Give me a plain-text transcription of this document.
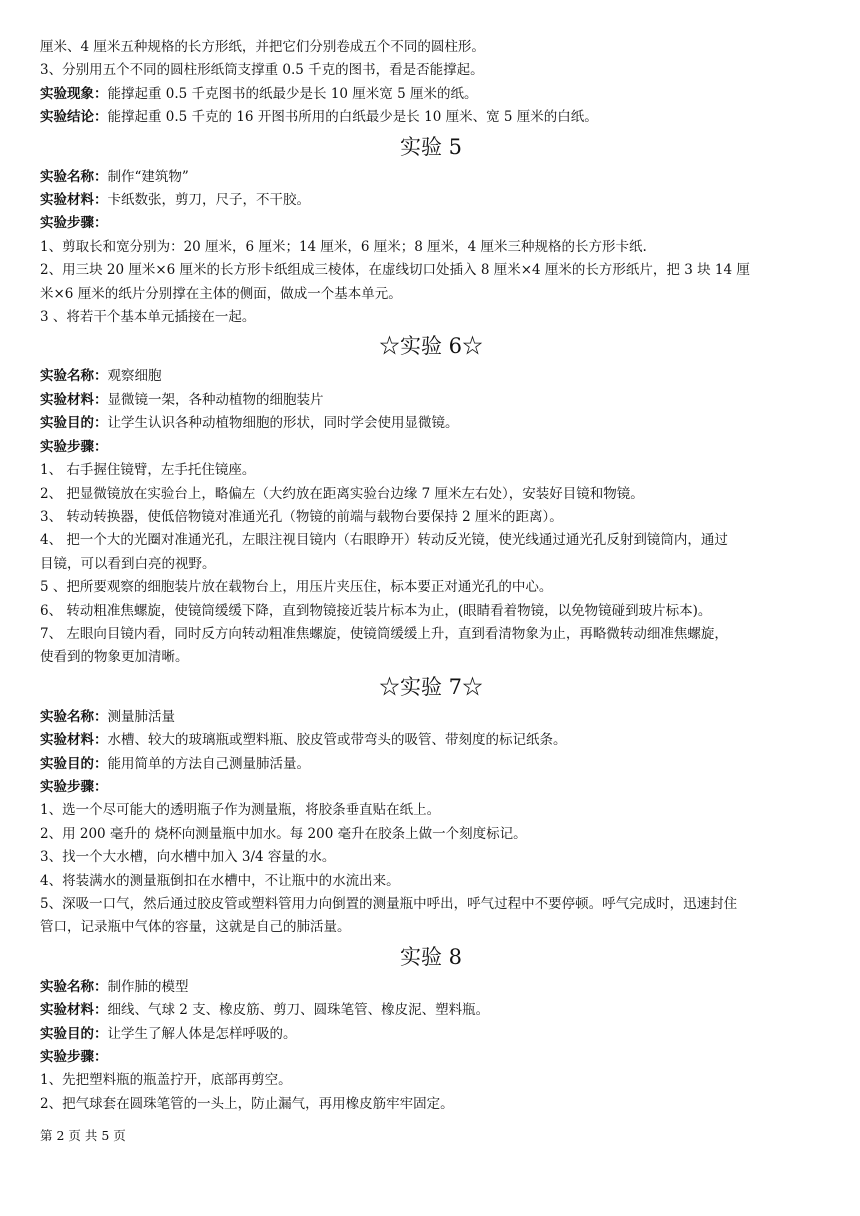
厘米、4 厘米五种规格的长方形纸，并把它们分别卷成五个不同的圆柱形。
3、分别用五个不同的圆柱形纸筒支撑重 0.5 千克的图书，看是否能撑起。
实验现象：能撑起重 0.5 千克图书的纸最少是长 10 厘米宽 5 厘米的纸。
实验结论：能撑起重 0.5 千克的 16 开图书所用的白纸最少是长 10 厘米、宽 5 厘米的白纸。
实验 5
实验名称：制作“建筑物”
实验材料：卡纸数张，剪刀，尺子，不干胶。
实验步骤：
1、剪取长和宽分别为：20 厘米，6 厘米；14 厘米，6 厘米；8 厘米，4 厘米三种规格的长方形卡纸.
2、用三块 20 厘米×6 厘米的长方形卡纸组成三棱体，在虚线切口处插入 8 厘米×4 厘米的长方形纸片，把 3 块 14 厘
米×6 厘米的纸片分别撑在主体的侧面，做成一个基本单元。
3 、将若干个基本单元插接在一起。
☆实验 6☆
实验名称：观察细胞
实验材料：显微镜一架，各种动植物的细胞装片
实验目的：让学生认识各种动植物细胞的形状，同时学会使用显微镜。
实验步骤：
1、 右手握住镜臂，左手托住镜座。
2、 把显微镜放在实验台上，略偏左（大约放在距离实验台边缘 7 厘米左右处），安装好目镜和物镜。
3、 转动转换器，使低倍物镜对准通光孔（物镜的前端与载物台要保持 2 厘米的距离）。
4、 把一个大的光圈对准通光孔，左眼注视目镜内（右眼睁开）转动反光镜，使光线通过通光孔反射到镜筒内，通过
目镜，可以看到白亮的视野。
5 、把所要观察的细胞装片放在载物台上，用压片夹压住，标本要正对通光孔的中心。
6、 转动粗准焦螺旋，使镜筒缓缓下降，直到物镜接近装片标本为止，(眼睛看着物镜，以免物镜碰到玻片标本)。
7、 左眼向目镜内看，同时反方向转动粗准焦螺旋，使镜筒缓缓上升，直到看清物象为止，再略微转动细准焦螺旋，
使看到的物象更加清晰。
☆实验 7☆
实验名称：测量肺活量
实验材料：水槽、较大的玻璃瓶或塑料瓶、胶皮管或带弯头的吸管、带刻度的标记纸条。
实验目的：能用简单的方法自己测量肺活量。
实验步骤：
1、选一个尽可能大的透明瓶子作为测量瓶，将胶条垂直贴在纸上。
2、用 200 毫升的 烧杯向测量瓶中加水。每 200 毫升在胶条上做一个刻度标记。
3、找一个大水槽，向水槽中加入 3/4 容量的水。
4、将装满水的测量瓶倒扣在水槽中，不让瓶中的水流出来。
5、深吸一口气，然后通过胶皮管或塑料管用力向倒置的测量瓶中呼出，呼气过程中不要停顿。呼气完成时，迅速封住
管口，记录瓶中气体的容量，这就是自己的肺活量。
实验 8
实验名称：制作肺的模型
实验材料：细线、气球 2 支、橡皮筋、剪刀、圆珠笔管、橡皮泥、塑料瓶。
实验目的：让学生了解人体是怎样呼吸的。
实验步骤：
1、先把塑料瓶的瓶盖拧开，底部再剪空。
2、把气球套在圆珠笔管的一头上，防止漏气，再用橡皮筋牢牢固定。
第 2 页 共 5 页
